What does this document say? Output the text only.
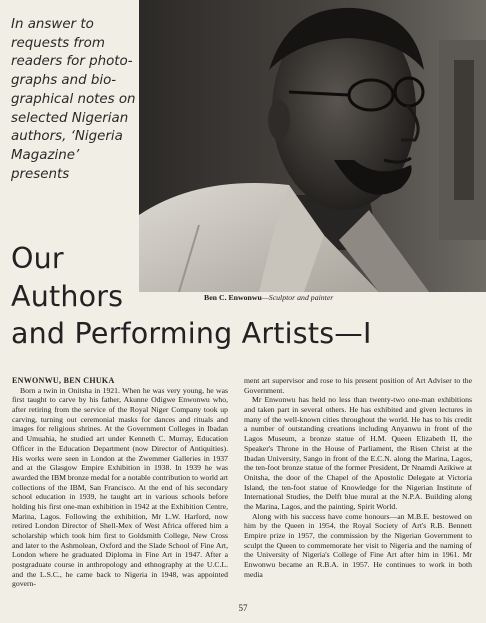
In answer to
requests from
readers for photo-
graphs and bio-
graphical notes on
selected Nigerian
authors, ‘Nigeria
Magazine’
presents
Ben C. Enwonwu—Sculptor and painter
Our
Authors
and Performing Artists—I
ENWONWU, BEN CHUKA

Born a twin in Onitsha in 1921. When he was very young, he was first taught to carve by his father, Akunne Odigwe Enwonwu who, after retiring from the service of the Royal Niger Company took up carving, turning out ceremonial masks for dances and rituals and images for religious shrines. At the Government Colleges in Ibadan and Umuahia, he studied art under Kenneth C. Murray, Education Officer in the Education Department (now Director of Antiquities). His works were seen in London at the Zwemmer Galleries in 1937 and at the Glasgow Empire Exhibition in 1938. In 1939 he was awarded the IBM bronze medal for a notable contribution to world art collections of the IBM, San Francisco. At the end of his secondary school education in 1939, he taught art in various schools before holding his first one-man exhibition in 1942 at the Exhibition Centre, Marina, Lagos. Following the exhibition, Mr L.W. Harford, now retired London Director of Shell-Mex of West Africa offered him a scholarship which took him first to Goldsmith College, New Cross and later to the Ashmolean, Oxford and the Slade School of Fine Art, London where he graduated Diploma in Fine Art in 1947. After a postgraduate course in anthropology and ethnography at the U.C.L. and the L.S.C., he came back to Nigeria in 1948, was appointed govern-

ment art supervisor and rose to his present position of Art Adviser to the Government.

Mr Enwonwu has held no less than twenty-two one-man exhibitions and taken part in several others. He has exhibited and given lectures in many of the well-known cities throughout the world. He has to his credit a number of outstanding creations including Anyanwu in front of the Lagos Museum, a bronze statue of H.M. Queen Elizabeth II, the Speaker's Throne in the House of Parliament, the Risen Christ at the Ibadan University, Sango in front of the E.C.N. along the Marina, Lagos, the ten-foot bronze statue of the former President, Dr Nnamdi Azikiwe at Onitsha, the door of the Chapel of the Apostolic Delegate at Victoria Island, the ten-foot statue of Knowledge for the Nigerian Institute of International Studies, the Delft blue mural at the N.P.A. Building along the Marina, Lagos, and the painting, Spirit World.

Along with his success have come honours—an M.B.E. bestowed on him by the Queen in 1954, the Royal Society of Art's R.B. Bennett Empire prize in 1957, the commission by the Nigerian Government to sculpt the Queen to commemorate her visit to Nigeria and the naming of the University of Nigeria's College of Fine Art after him in 1961. Mr Enwonwu became an R.B.A. in 1957. He continues to work in both media

57
